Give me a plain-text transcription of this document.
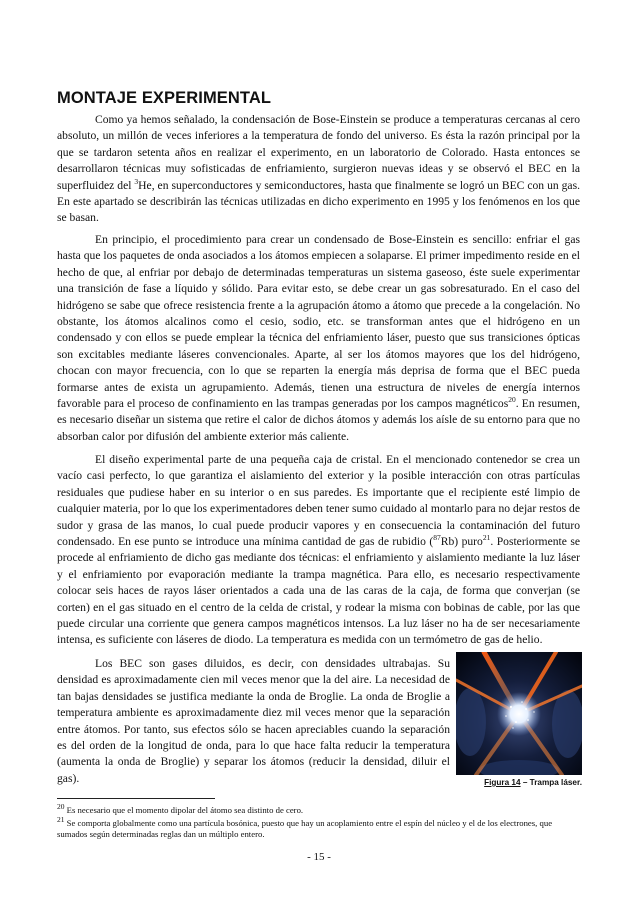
MONTAJE EXPERIMENTAL

Como ya hemos señalado, la condensación de Bose-Einstein se produce a temperaturas cercanas al cero absoluto, un millón de veces inferiores a la temperatura de fondo del universo. Es ésta la razón principal por la que se tardaron setenta años en realizar el experimento, en un laboratorio de Colorado. Hasta entonces se desarrollaron técnicas muy sofisticadas de enfriamiento, surgieron nuevas ideas y se observó el BEC en la superfluidez del $^3$He, en superconductores y semiconductores, hasta que finalmente se logró un BEC con un gas. En este apartado se describirán las técnicas utilizadas en dicho experimento en 1995 y los fenómenos en los que se basan.

En principio, el procedimiento para crear un condensado de Bose-Einstein es sencillo: enfriar el gas hasta que los paquetes de onda asociados a los átomos empiecen a solaparse. El primer impedimento reside en el hecho de que, al enfriar por debajo de determinadas temperaturas un sistema gaseoso, éste suele experimentar una transición de fase a líquido y sólido. Para evitar esto, se debe crear un gas sobresaturado. En el caso del hidrógeno se sabe que ofrece resistencia frente a la agrupación átomo a átomo que precede a la congelación. No obstante, los átomos alcalinos como el cesio, sodio, etc. se transforman antes que el hidrógeno en un condensado y con ellos se puede emplear la técnica del enfriamiento láser, puesto que sus transiciones ópticas son excitables mediante láseres convencionales. Aparte, al ser los átomos mayores que los del hidrógeno, chocan con mayor frecuencia, con lo que se reparten la energía más deprisa de forma que el BEC pueda formarse antes de exista un agrupamiento. Además, tienen una estructura de niveles de energía internos favorable para el proceso de confinamiento en las trampas generadas por los campos magnéticos$^{20}$. En resumen, es necesario diseñar un sistema que retire el calor de dichos átomos y además los aísle de su entorno para que no absorban calor por difusión del ambiente exterior más caliente.

El diseño experimental parte de una pequeña caja de cristal. En el mencionado contenedor se crea un vacío casi perfecto, lo que garantiza el aislamiento del exterior y la posible interacción con otras partículas residuales que pudiese haber en su interior o en sus paredes. Es importante que el recipiente esté limpio de cualquier materia, por lo que los experimentadores deben tener sumo cuidado al montarlo para no dejar restos de sudor y grasa de las manos, lo cual puede producir vapores y en consecuencia la contaminación del futuro condensado. En ese punto se introduce una mínima cantidad de gas de rubidio ($^{87}$Rb) puro$^{21}$. Posteriormente se procede al enfriamiento de dicho gas mediante dos técnicas: el enfriamiento y aislamiento mediante la luz láser y el enfriamiento por evaporación mediante la trampa magnética. Para ello, es necesario respectivamente colocar seis haces de rayos láser orientados a cada una de las caras de la caja, de forma que converjan (se corten) en el gas situado en el centro de la celda de cristal, y rodear la misma con bobinas de cable, por las que puede circular una corriente que genera campos magnéticos intensos. La luz láser no ha de ser necesariamente intensa, es suficiente con láseres de diodo. La temperatura es medida con un termómetro de gas de helio.

Los BEC son gases diluidos, es decir, con densidades ultrabajas. Su densidad es aproximadamente cien mil veces menor que la del aire. La necesidad de tan bajas densidades se justifica mediante la onda de Broglie. La onda de Broglie a temperatura ambiente es aproximadamente diez mil veces menor que la separación entre átomos. Por tanto, sus efectos sólo se hacen apreciables cuando la separación es del orden de la longitud de onda, para lo que hace falta reducir la temperatura (aumenta la onda de Broglie) y separar los átomos (reducir la densidad, diluir el gas).	Figura 14 – Trampa láser.

$^{20}$ Es necesario que el momento dipolar del átomo sea distinto de cero.

$^{21}$ Se comporta globalmente como una partícula bosónica, puesto que hay un acoplamiento entre el espín del núcleo y el de los electrones, que sumados según determinadas reglas dan un múltiplo entero.

- 15 -
